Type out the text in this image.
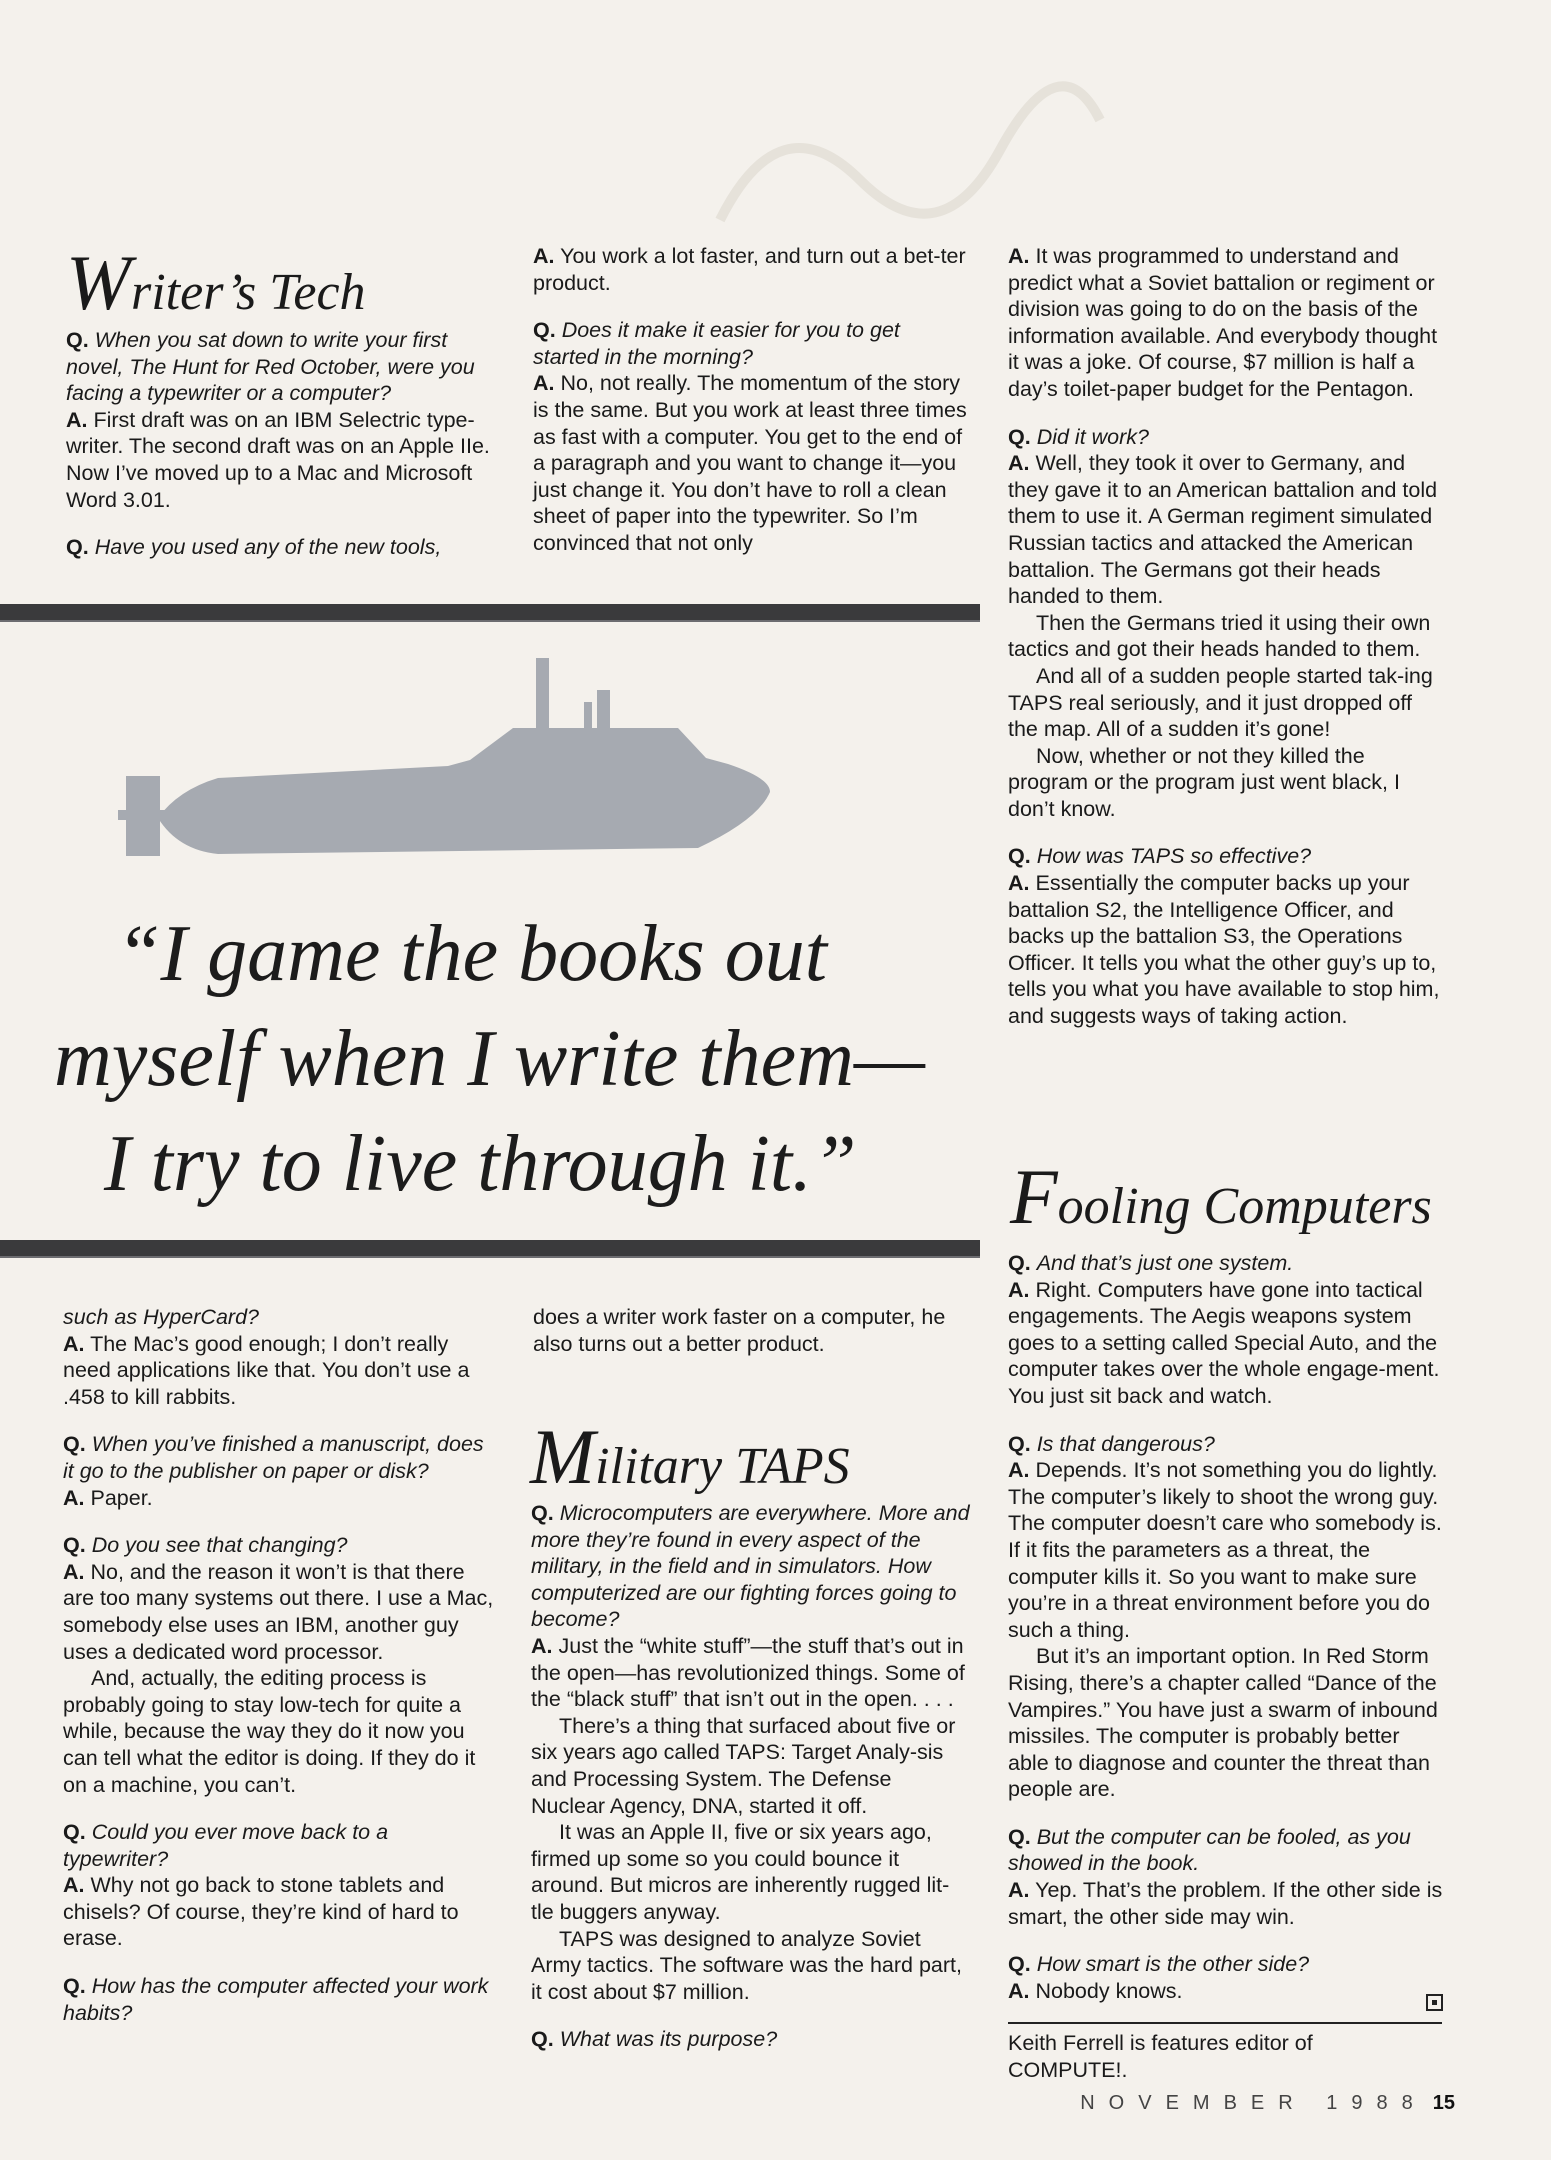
Writer’s Tech

Q. When you sat down to write your first novel, The Hunt for Red October, were you facing a typewriter or a computer?

A. First draft was on an IBM Selectric type-writer. The second draft was on an Apple IIe. Now I’ve moved up to a Mac and Microsoft Word 3.01.

Q. Have you used any of the new tools,

A. You work a lot faster, and turn out a bet-ter product.

Q. Does it make it easier for you to get started in the morning?

A. No, not really. The momentum of the story is the same. But you work at least three times as fast with a computer. You get to the end of a paragraph and you want to change it—you just change it. You don’t have to roll a clean sheet of paper into the typewriter. So I’m convinced that not only

“I game the books out
myself when I write them—
I try to live through it.”

such as HyperCard?

A. The Mac’s good enough; I don’t really need applications like that. You don’t use a .458 to kill rabbits.

Q. When you’ve finished a manuscript, does it go to the publisher on paper or disk?

A. Paper.

Q. Do you see that changing?

A. No, and the reason it won’t is that there are too many systems out there. I use a Mac, somebody else uses an IBM, another guy uses a dedicated word processor.

And, actually, the editing process is probably going to stay low-tech for quite a while, because the way they do it now you can tell what the editor is doing. If they do it on a machine, you can’t.

Q. Could you ever move back to a typewriter?

A. Why not go back to stone tablets and chisels? Of course, they’re kind of hard to erase.

Q. How has the computer affected your work habits?

does a writer work faster on a computer, he also turns out a better product.

Military TAPS

Q. Microcomputers are everywhere. More and more they’re found in every aspect of the military, in the field and in simulators. How computerized are our fighting forces going to become?

A. Just the “white stuff”—the stuff that’s out in the open—has revolutionized things. Some of the “black stuff” that isn’t out in the open. . . .

There’s a thing that surfaced about five or six years ago called TAPS: Target Analy-sis and Processing System. The Defense Nuclear Agency, DNA, started it off.

It was an Apple II, five or six years ago, firmed up some so you could bounce it around. But micros are inherently rugged lit-tle buggers anyway.

TAPS was designed to analyze Soviet Army tactics. The software was the hard part, it cost about $7 million.

Q. What was its purpose?

A. It was programmed to understand and predict what a Soviet battalion or regiment or division was going to do on the basis of the information available. And everybody thought it was a joke. Of course, $7 million is half a day’s toilet-paper budget for the Pentagon.

Q. Did it work?

A. Well, they took it over to Germany, and they gave it to an American battalion and told them to use it. A German regiment simulated Russian tactics and attacked the American battalion. The Germans got their heads handed to them.

Then the Germans tried it using their own tactics and got their heads handed to them.

And all of a sudden people started tak-ing TAPS real seriously, and it just dropped off the map. All of a sudden it’s gone!

Now, whether or not they killed the program or the program just went black, I don’t know.

Q. How was TAPS so effective?

A. Essentially the computer backs up your battalion S2, the Intelligence Officer, and backs up the battalion S3, the Operations Officer. It tells you what the other guy’s up to, tells you what you have available to stop him, and suggests ways of taking action.

Fooling Computers

Q. And that’s just one system.

A. Right. Computers have gone into tactical engagements. The Aegis weapons system goes to a setting called Special Auto, and the computer takes over the whole engage-ment. You just sit back and watch.

Q. Is that dangerous?

A. Depends. It’s not something you do lightly. The computer’s likely to shoot the wrong guy. The computer doesn’t care who somebody is. If it fits the parameters as a threat, the computer kills it. So you want to make sure you’re in a threat environment before you do such a thing.

But it’s an important option. In Red Storm Rising, there’s a chapter called “Dance of the Vampires.” You have just a swarm of inbound missiles. The computer is probably better able to diagnose and counter the threat than people are.

Q. But the computer can be fooled, as you showed in the book.

A. Yep. That’s the problem. If the other side is smart, the other side may win.

Q. How smart is the other side?

A. Nobody knows.

Keith Ferrell is features editor of COMPUTE!.

NOVEMBER 1988 15
